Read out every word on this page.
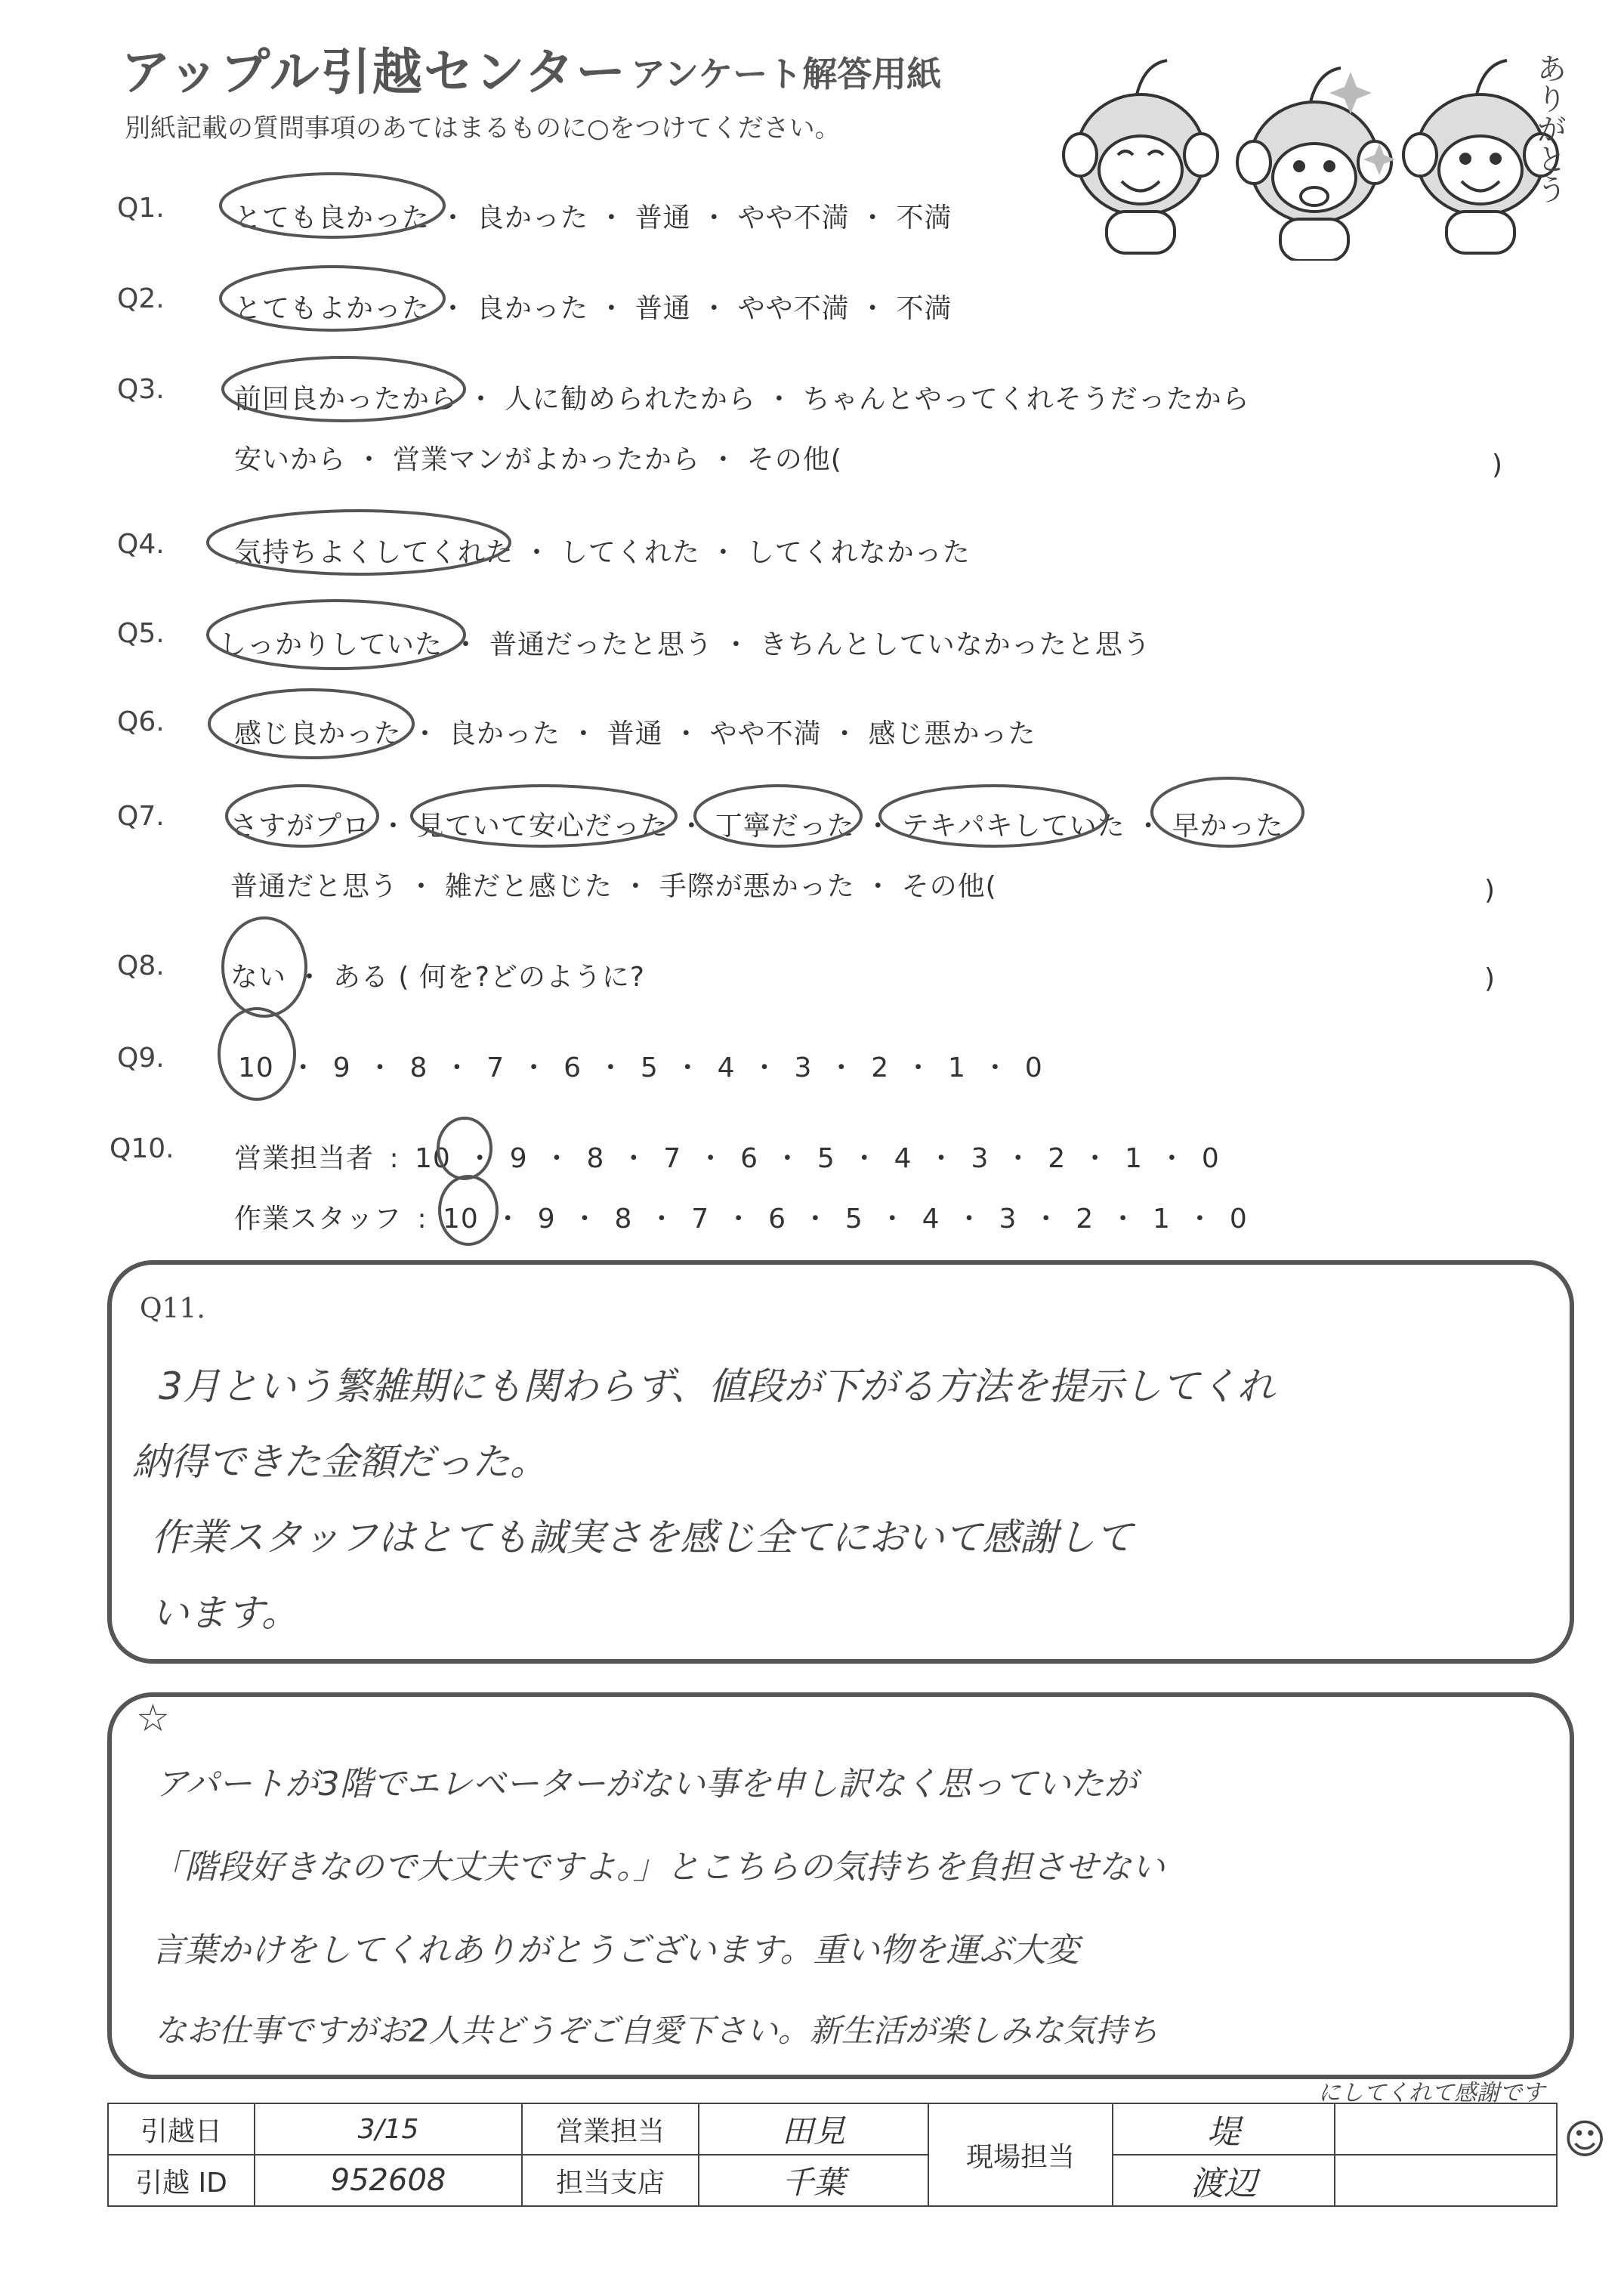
アップル引越センター アンケート解答用紙
別紙記載の質問事項のあてはまるものに○をつけてください。	ありがとう
Q1.	とても良かった ・ 良かった ・ 普通 ・ やや不満 ・ 不満
Q2.	とてもよかった ・ 良かった ・ 普通 ・ やや不満 ・ 不満
Q3.	前回良かったから ・ 人に勧められたから ・ ちゃんとやってくれそうだったから
安いから ・ 営業マンがよかったから ・ その他(	)
Q4.	気持ちよくしてくれた ・ してくれた ・ してくれなかった
Q5. しっかりしていた ・ 普通だったと思う ・ きちんとしていなかったと思う
Q6.	感じ良かった ・ 良かった ・ 普通 ・ やや不満 ・ 感じ悪かった
Q7. さすがプロ ・ 見ていて安心だった ・ 丁寧だった ・ テキパキしていた ・ 早かった
普通だと思う ・ 雑だと感じた ・ 手際が悪かった ・ その他(	)
Q8. ない ・ ある ( 何を?どのように?	)
Q9.	10 ・ 9 ・ 8 ・ 7 ・ 6 ・ 5 ・ 4 ・ 3 ・ 2 ・ 1 ・ 0
Q10. 営業担当者 : 10 ・ 9 ・ 8 ・ 7 ・ 6 ・ 5 ・ 4 ・ 3 ・ 2 ・ 1 ・ 0
作業スタッフ : 10 ・ 9 ・ 8 ・ 7 ・ 6 ・ 5 ・ 4 ・ 3 ・ 2 ・ 1 ・ 0
Q11.
3月という繁雑期にも関わらず、値段が下がる方法を提示してくれ
納得できた金額だった。
作業スタッフはとても誠実さを感じ全てにおいて感謝して
います。
☆
アパートが3階でエレベーターがない事を申し訳なく思っていたが
「階段好きなので大丈夫ですよ。」とこちらの気持ちを負担させない
言葉かけをしてくれありがとうございます。重い物を運ぶ大変
なお仕事ですがお2人共どうぞご自愛下さい。新生活が楽しみな気持ち
にしてくれて感謝です
☺
引越日	3/15	営業担当	田見	現場担当	堤	
引越 ID	952608	担当支店	千葉		渡辺	
